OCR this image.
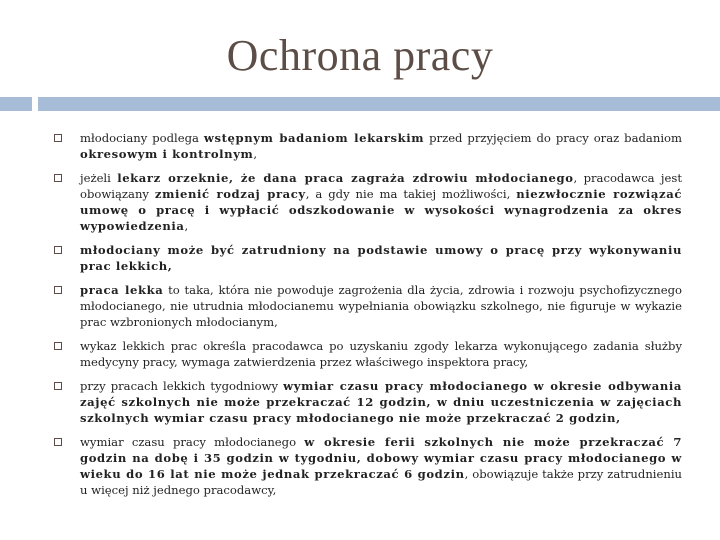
Ochrona pracy
młodociany podlega wstępnym badaniom lekarskim przed przyjęciem do pracy oraz badaniom okresowym i kontrolnym,
jeżeli lekarz orzeknie, że dana praca zagraża zdrowiu młodocianego, pracodawca jest obowiązany zmienić rodzaj pracy, a gdy nie ma takiej możliwości, niezwłocznie rozwiązać umowę o pracę i wypłacić odszkodowanie w wysokości wynagrodzenia za okres wypowiedzenia,
młodociany może być zatrudniony na podstawie umowy o pracę przy wykonywaniu prac lekkich,
praca lekka to taka, która nie powoduje zagrożenia dla życia, zdrowia i rozwoju psychofizycznego młodocianego, nie utrudnia młodocianemu wypełniania obowiązku szkolnego, nie figuruje w wykazie prac wzbronionych młodocianym,
wykaz lekkich prac określa pracodawca po uzyskaniu zgody lekarza wykonującego zadania służby medycyny pracy, wymaga zatwierdzenia przez właściwego inspektora pracy,
przy pracach lekkich tygodniowy wymiar czasu pracy młodocianego w okresie odbywania zajęć szkolnych nie może przekraczać 12 godzin, w dniu uczestniczenia w zajęciach szkolnych wymiar czasu pracy młodocianego nie może przekraczać 2 godzin,
wymiar czasu pracy młodocianego w okresie ferii szkolnych nie może przekraczać 7 godzin na dobę i 35 godzin w tygodniu, dobowy wymiar czasu pracy młodocianego w wieku do 16 lat nie może jednak przekraczać 6 godzin, obowiązuje także przy zatrudnieniu u więcej niż jednego pracodawcy,
